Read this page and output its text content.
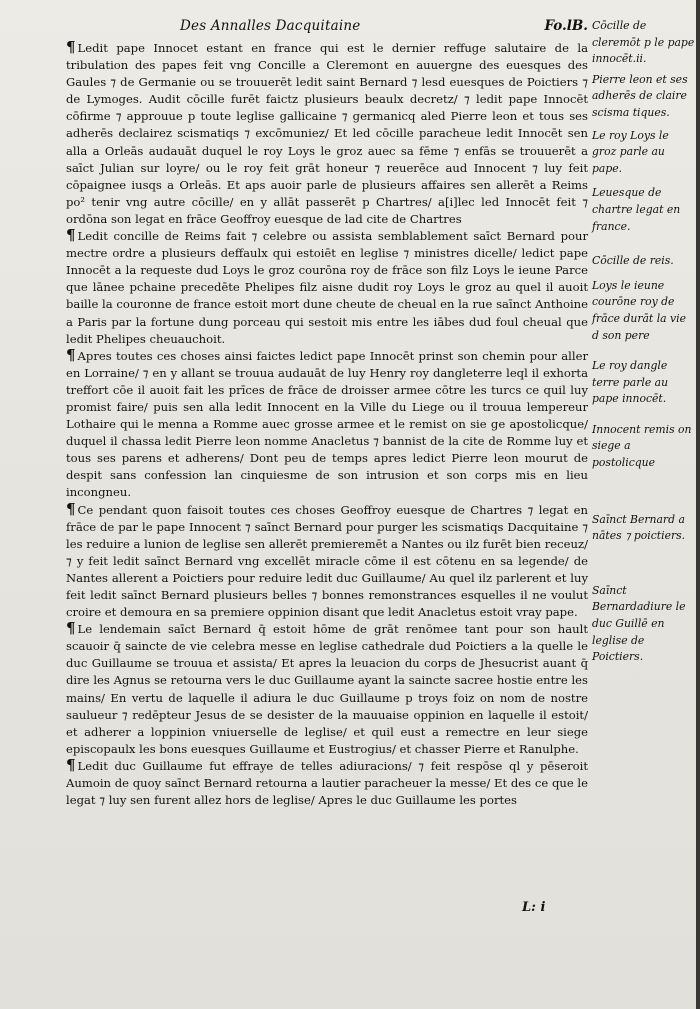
Des Annalles Dacquitaine	Fo.lB.

¶ Ledit pape Innocet estant en france qui est le dernier reffuge salutaire de la tribulation des papes feit vng Concille a Cleremont en auuergne des euesques des Gaules ⁊ de Germanie ou se trouuerēt ledit saint Bernard ⁊ lesd euesques de Poictiers ⁊ de Lymoges. Audit cōcille furēt faictz plusieurs beaulx decretz/ ⁊ ledit pape Innocēt cōfirme ⁊ approuue p toute leglise gallicaine ⁊ germanicq aled Pierre leon et tous ses adherēs declairez scismatiqs ⁊ excōmuniez/ Et led cōcille paracheue ledit Innocēt sen alla a Orleās audauāt duquel le roy Loys le groz auec sa fēme ⁊ enfās se trouuerēt a saīct Julian sur loyre/ ou le roy feit grāt honeur ⁊ reuerēce aud Innocent ⁊ luy feit cōpaignee iusqs a Orleās. Et aps auoir parle de plusieurs affaires sen allerēt a Reims po² tenir vng autre cōcille/ en y allāt passerēt p Chartres/ a[i]lec led Innocēt feit ⁊ ordōna son legat en frāce Geoffroy euesque de lad cite de Chartres

¶ Ledit concille de Reims fait ⁊ celebre ou assista semblablement saīct Bernard pour mectre ordre a plusieurs deffaulx qui estoiēt en leglise ⁊ ministres dicelle/ ledict pape Innocēt a la requeste dud Loys le groz courōna roy de frāce son filz Loys le ieune Parce que lānee pchaine precedēte Phelipes filz aisne dudit roy Loys le groz au quel il auoit baille la couronne de france estoit mort dune cheute de cheual en la rue saīnct Anthoine a Paris par la fortune dung porceau qui sestoit mis entre les iābes dud foul cheual que ledit Phelipes cheuauchoit.

¶ Apres toutes ces choses ainsi faictes ledict pape Innocēt prinst son chemin pour aller en Lorraine/ ⁊ en y allant se trouua audauāt de luy Henry roy dangleterre leql il exhorta treffort cōe il auoit fait les prīces de frāce de droisser armee cōtre les turcs ce quil luy promist faire/ puis sen alla ledit Innocent en la Ville du Liege ou il trouua lempereur Lothaire qui le menna a Romme auec grosse armee et le remist on sie ge apostolicque/ duquel il chassa ledit Pierre leon nomme Anacletus ⁊ bannist de la cite de Romme luy et tous ses parens et adherens/ Dont peu de temps apres ledict Pierre leon mourut de despit sans confession lan cinquiesme de son intrusion et son corps mis en lieu incongneu.

¶ Ce pendant quon faisoit toutes ces choses Geoffroy euesque de Chartres ⁊ legat en frāce de par le pape Innocent ⁊ saīnct Bernard pour purger les scismatiqs Dacquitaine ⁊ les reduire a lunion de leglise sen allerēt premieremēt a Nantes ou ilz furēt bien receuz/ ⁊ y feit ledit saīnct Bernard vng excellēt miracle cōme il est cōtenu en sa legende/ de Nantes allerent a Poictiers pour reduire ledit duc Guillaume/ Au quel ilz parlerent et luy feit ledit saīnct Bernard plusieurs belles ⁊ bonnes remonstrances esquelles il ne voulut croire et demoura en sa premiere oppinion disant que ledit Anacletus estoit vray pape.

¶ Le lendemain saīct Bernard q̄ estoit hōme de grāt renōmee tant pour son hault scauoir q̄ saincte de vie celebra messe en leglise cathedrale dud Poictiers a la quelle le duc Guillaume se trouua et assista/ Et apres la leuacion du corps de Jhesucrist auant q̄ dire les Agnus se retourna vers le duc Guillaume ayant la saincte sacree hostie entre les mains/ En vertu de laquelle il adiura le duc Guillaume p troys foiz on nom de nostre saulueur ⁊ redēpteur Jesus de se desister de la mauuaise oppinion en laquelle il estoit/ et adherer a loppinion vniuerselle de leglise/ et quil eust a remectre en leur siege episcopaulx les bons euesques Guillaume et Eustrogius/ et chasser Pierre et Ranulphe.

¶ Ledit duc Guillaume fut effraye de telles adiuracions/ ⁊ feit respōse ql y pēseroit Aumoin de quoy saīnct Bernard retourna a lautier paracheuer la messe/ Et des ce que le legat ⁊ luy sen furent allez hors de leglise/ Apres le duc Guillaume les portes

Cōcille de cleremōt p le pape innocēt.ii.

Pierre leon et ses adherēs de claire scisma tiques.

Le roy Loys le groz parle au pape.

Leuesque de chartre legat en france.

Cōcille de reis.

Loys le ieune courōne roy de frāce durāt la vie d son pere

Le roy dangle terre parle au pape innocēt.

Innocent remis on siege a postolicque

Saīnct Bernard a nātes ⁊ poictiers.

Saīnct Bernardadiure le duc Guillē en leglise de Poictiers.

L: i
